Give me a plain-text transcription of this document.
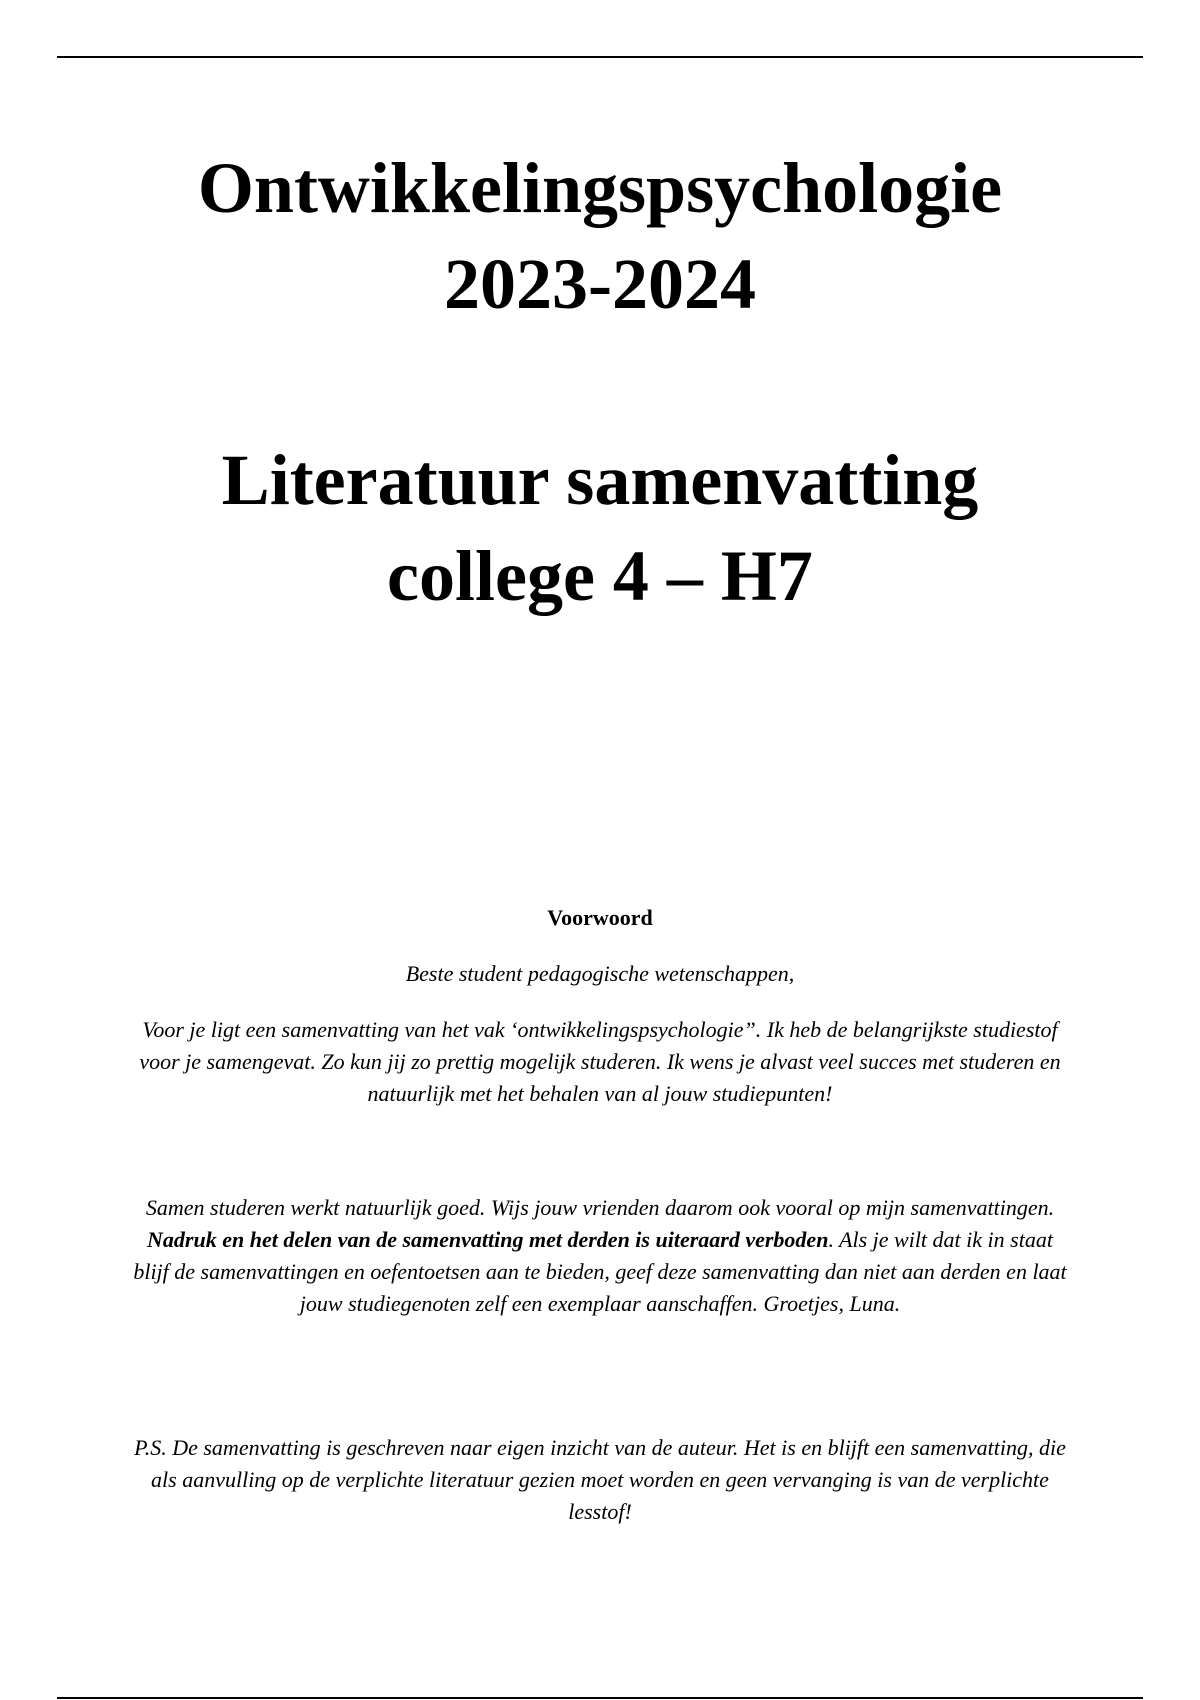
Ontwikkelingspsychologie
2023-2024
Literatuur samenvatting
college 4 – H7
Voorwoord
Beste student pedagogische wetenschappen,

Voor je ligt een samenvatting van het vak ‘ontwikkelingspsychologie”. Ik heb de belangrijkste studiestof voor je samengevat. Zo kun jij zo prettig mogelijk studeren. Ik wens je alvast veel succes met studeren en natuurlijk met het behalen van al jouw studiepunten!

Samen studeren werkt natuurlijk goed. Wijs jouw vrienden daarom ook vooral op mijn samenvattingen. Nadruk en het delen van de samenvatting met derden is uiteraard verboden. Als je wilt dat ik in staat blijf de samenvattingen en oefentoetsen aan te bieden, geef deze samenvatting dan niet aan derden en laat jouw studiegenoten zelf een exemplaar aanschaffen. Groetjes, Luna.

P.S. De samenvatting is geschreven naar eigen inzicht van de auteur. Het is en blijft een samenvatting, die als aanvulling op de verplichte literatuur gezien moet worden en geen vervanging is van de verplichte lesstof!
